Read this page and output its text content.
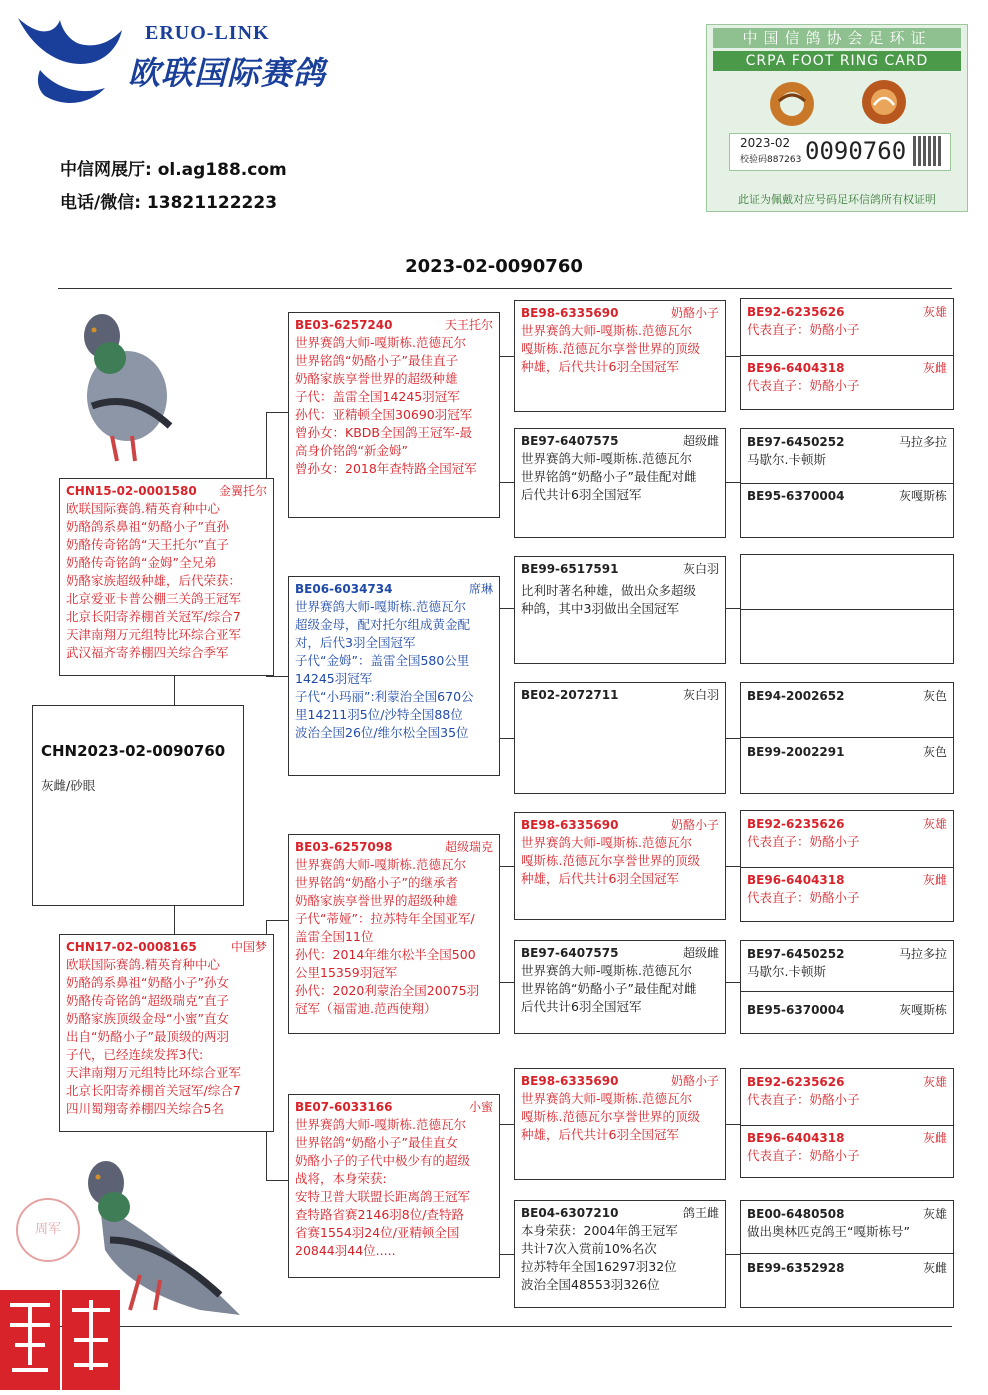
ERUO-LINK
欧联国际赛鸽
中信网展厅: ol.ag188.com
电话/微信: 13821122223
中国信鸽协会足环证
CRPA FOOT RING CARD
2023-02
校验码887263 0090760
此证为佩戴对应号码足环信鸽所有权证明
2023-02-0090760
周军
CHN2023-02-0090760
灰雌/砂眼
CHN15-02-0001580 金翼托尔
欧联国际赛鸽.精英育种中心
奶酪鸽系鼻祖“奶酪小子”直孙
奶酪传奇铭鸽“天王托尔”直子
奶酪传奇铭鸽“金姆”全兄弟
奶酪家族超级种雄，后代荣获：
北京爱亚卡普公棚三关鸽王冠军
北京长阳寄养棚首关冠军/综合7
天津南翔万元组特比环综合亚军
武汉福齐寄养棚四关综合季军
CHN17-02-0008165	中国梦
欧联国际赛鸽.精英育种中心
奶酪鸽系鼻祖“奶酪小子”孙女
奶酪传奇铭鸽“超级瑞克”直子
奶酪家族顶级金母“小蜜”直女
出自“奶酪小子”最顶级的两羽
子代，已经连续发挥3代:
天津南翔万元组特比环综合亚军
北京长阳寄养棚首关冠军/综合7
四川蜀翔寄养棚四关综合5名
BE03-6257240	天王托尔
世界赛鸽大师-嘎斯栋.范德瓦尔
世界铭鸽“奶酪小子”最佳直子
奶酪家族享誉世界的超级种雄
子代：盖雷全国14245羽冠军
孙代：亚精顿全国30690羽冠军
曾孙女：KBDB全国鸽王冠军-最
高身价铭鸽“新金姆”
曾孙女：2018年查特路全国冠军
BE06-6034734	席琳
世界赛鸽大师-嘎斯栋.范德瓦尔
超级金母，配对托尔组成黄金配
对，后代3羽全国冠军
子代“金姆”：盖雷全国580公里
14245羽冠军
子代“小玛丽”:利蒙治全国670公
里14211羽5位/沙特全国88位
波治全国26位/维尔松全国35位
BE03-6257098	超级瑞克
世界赛鸽大师-嘎斯栋.范德瓦尔
世界铭鸽“奶酪小子”的继承者
奶酪家族享誉世界的超级种雄
子代“蒂娅”：拉苏特年全国亚军/
盖雷全国11位
孙代：2014年维尔松半全国500
公里15359羽冠军
孙代：2020利蒙治全国20075羽
冠军（福雷迪.范西使翔）
BE07-6033166	小蜜
世界赛鸽大师-嘎斯栋.范德瓦尔
世界铭鸽“奶酪小子”最佳直女
奶酪小子的子代中极少有的超级
战将，本身荣获:
安特卫普大联盟长距离鸽王冠军
查特路省赛2146羽8位/查特路
省赛1554羽24位/亚精顿全国
20844羽44位.....
BE98-6335690	奶酪小子
世界赛鸽大师-嘎斯栋.范德瓦尔
嘎斯栋.范德瓦尔享誉世界的顶级
种雄，后代共计6羽全国冠军
BE97-6407575	超级雌
世界赛鸽大师-嘎斯栋.范德瓦尔
世界铭鸽“奶酪小子”最佳配对雌
后代共计6羽全国冠军
BE99-6517591	灰白羽
比利时著名种雄，做出众多超级
种鸽，其中3羽做出全国冠军
BE02-2072711	灰白羽
BE98-6335690	奶酪小子
世界赛鸽大师-嘎斯栋.范德瓦尔
嘎斯栋.范德瓦尔享誉世界的顶级
种雄，后代共计6羽全国冠军
BE97-6407575	超级雌
世界赛鸽大师-嘎斯栋.范德瓦尔
世界铭鸽“奶酪小子”最佳配对雌
后代共计6羽全国冠军
BE98-6335690	奶酪小子
世界赛鸽大师-嘎斯栋.范德瓦尔
嘎斯栋.范德瓦尔享誉世界的顶级
种雄，后代共计6羽全国冠军
BE04-6307210	鸽王雌
本身荣获：2004年鸽王冠军
共计7次入赏前10%名次
拉苏特年全国16297羽32位
波治全国48553羽326位
BE92-6235626	灰雄
代表直子：奶酪小子
BE96-6404318	灰雌
代表直子：奶酪小子
BE97-6450252	马拉多拉
马歇尔.卡顿斯
BE95-6370004	灰嘎斯栋
BE94-2002652	灰色
BE99-2002291	灰色
BE92-6235626	灰雄
代表直子：奶酪小子
BE96-6404318	灰雌
代表直子：奶酪小子
BE97-6450252	马拉多拉
马歇尔.卡顿斯
BE95-6370004	灰嘎斯栋
BE92-6235626	灰雄
代表直子：奶酪小子
BE96-6404318	灰雌
代表直子：奶酪小子
BE00-6480508	灰雄
做出奥林匹克鸽王“嘎斯栋号”
BE99-6352928	灰雌
